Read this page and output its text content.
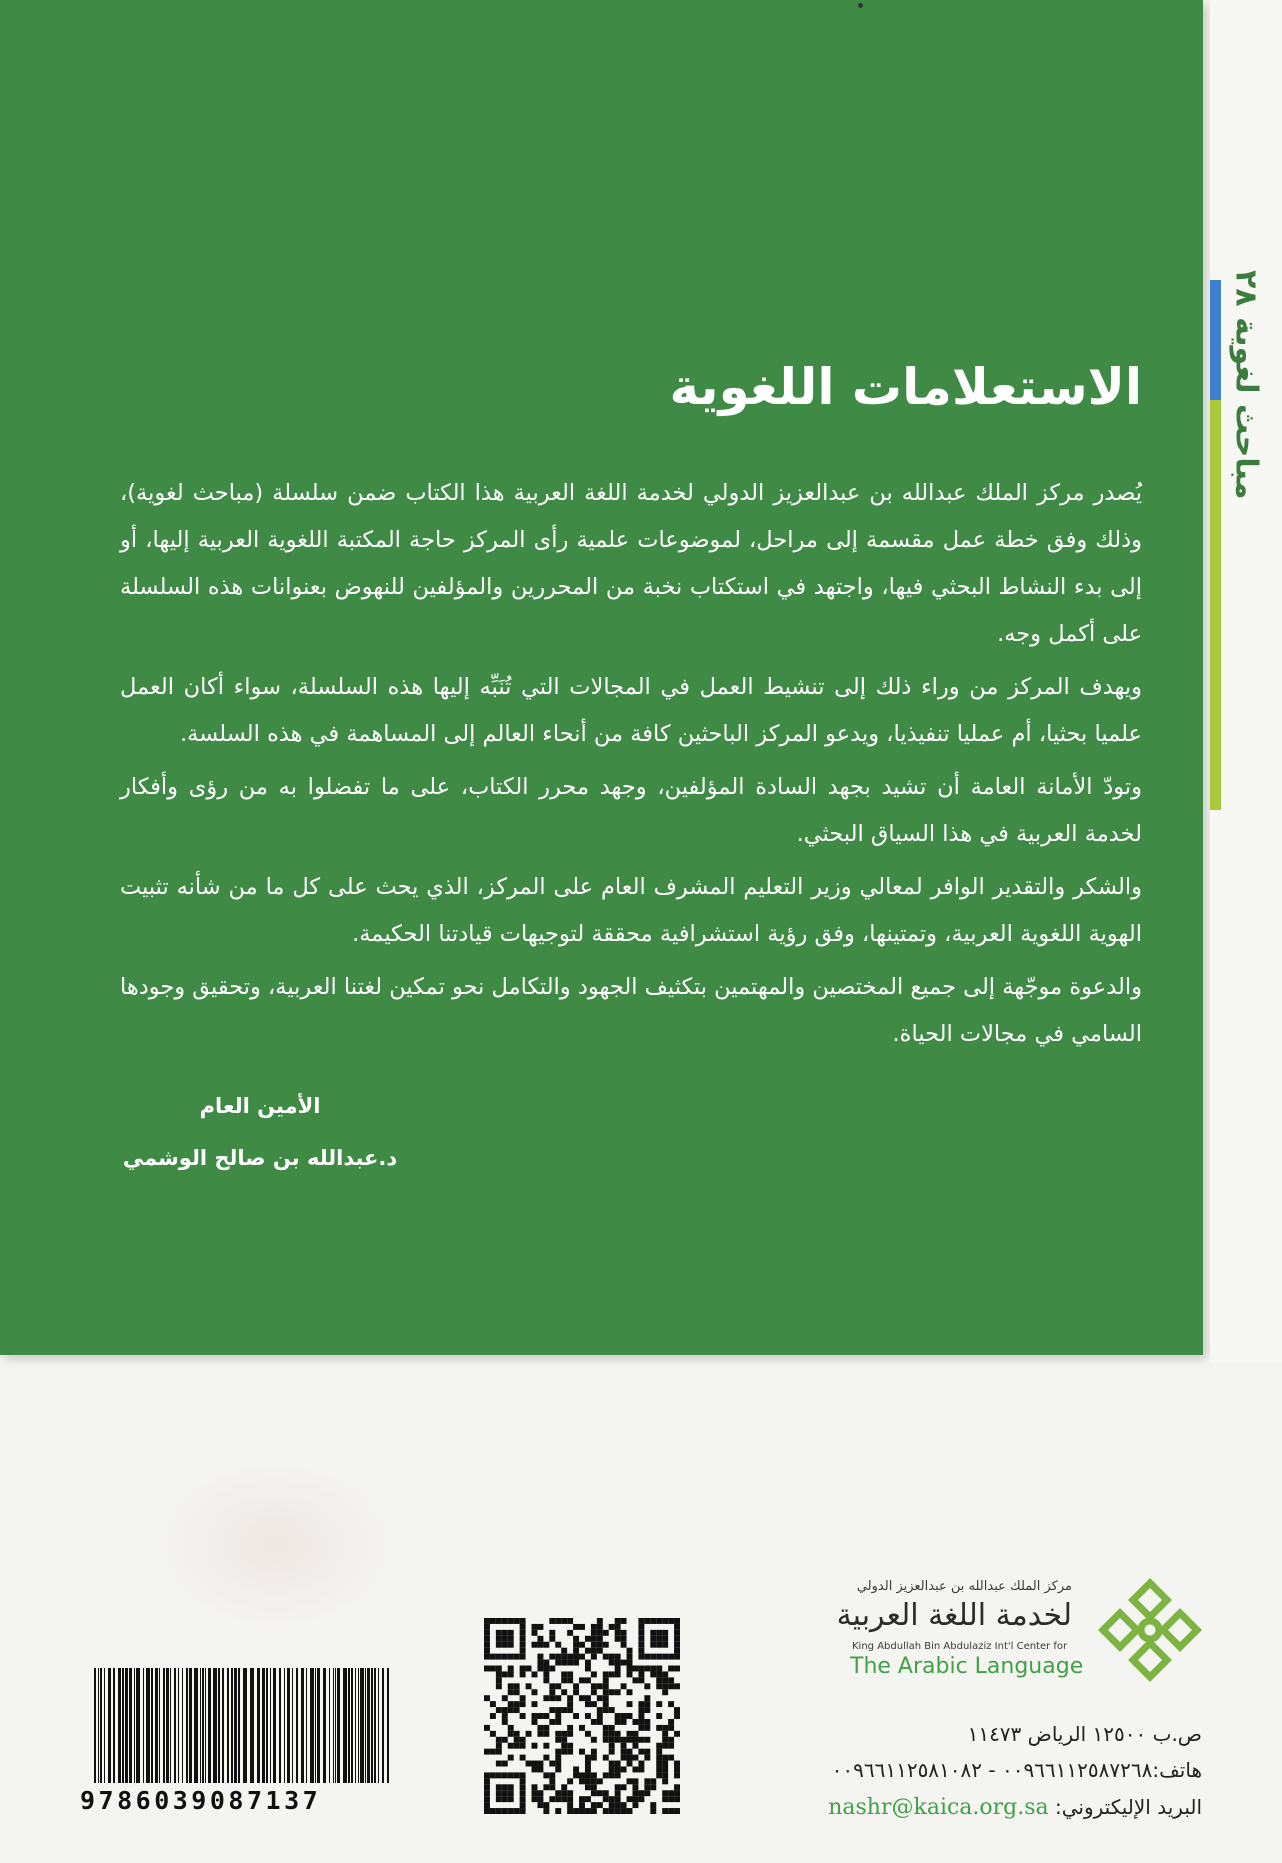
مباحث لغوية ٢٨
الاستعلامات اللغوية

يُصدر مركز الملك عبدالله بن عبدالعزيز الدولي لخدمة اللغة العربية هذا الكتاب ضمن سلسلة (مباحث لغوية)، وذلك وفق خطة عمل مقسمة إلى مراحل، لموضوعات علمية رأى المركز حاجة المكتبة اللغوية العربية إليها، أو إلى بدء النشاط البحثي فيها، واجتهد في استكتاب نخبة من المحررين والمؤلفين للنهوض بعنوانات هذه السلسلة على أكمل وجه.

ويهدف المركز من وراء ذلك إلى تنشيط العمل في المجالات التي تُنَبِّه إليها هذه السلسلة، سواء أكان العمل علميا بحثيا، أم عمليا تنفيذيا، ويدعو المركز الباحثين كافة من أنحاء العالم إلى المساهمة في هذه السلسة.

وتودّ الأمانة العامة أن تشيد بجهد السادة المؤلفين، وجهد محرر الكتاب، على ما تفضلوا به من رؤى وأفكار لخدمة العربية في هذا السياق البحثي.

والشكر والتقدير الوافر لمعالي وزير التعليم المشرف العام على المركز، الذي يحث على كل ما من شأنه تثبيت الهوية اللغوية العربية، وتمتينها، وفق رؤية استشرافية محققة لتوجيهات قيادتنا الحكيمة.

والدعوة موجّهة إلى جميع المختصين والمهتمين بتكثيف الجهود والتكامل نحو تمكين لغتنا العربية، وتحقيق وجودها السامي في مجالات الحياة.

الأمين العام
د.عبدالله بن صالح الوشمي
9786039087137
مركز الملك عبدالله بن عبدالعزيز الدولي
لخدمة اللغة العربية
King Abdullah Bin Abdulaziz Int'l Center for
The Arabic Language
ص.ب ١٢٥٠٠ الرياض ١١٤٧٣
هاتف:٠٠٩٦٦١١٢٥٨٧٢٦٨ - ٠٠٩٦٦١١٢٥٨١٠٨٢
البريد الإليكتروني: nashr@kaica.org.sa
